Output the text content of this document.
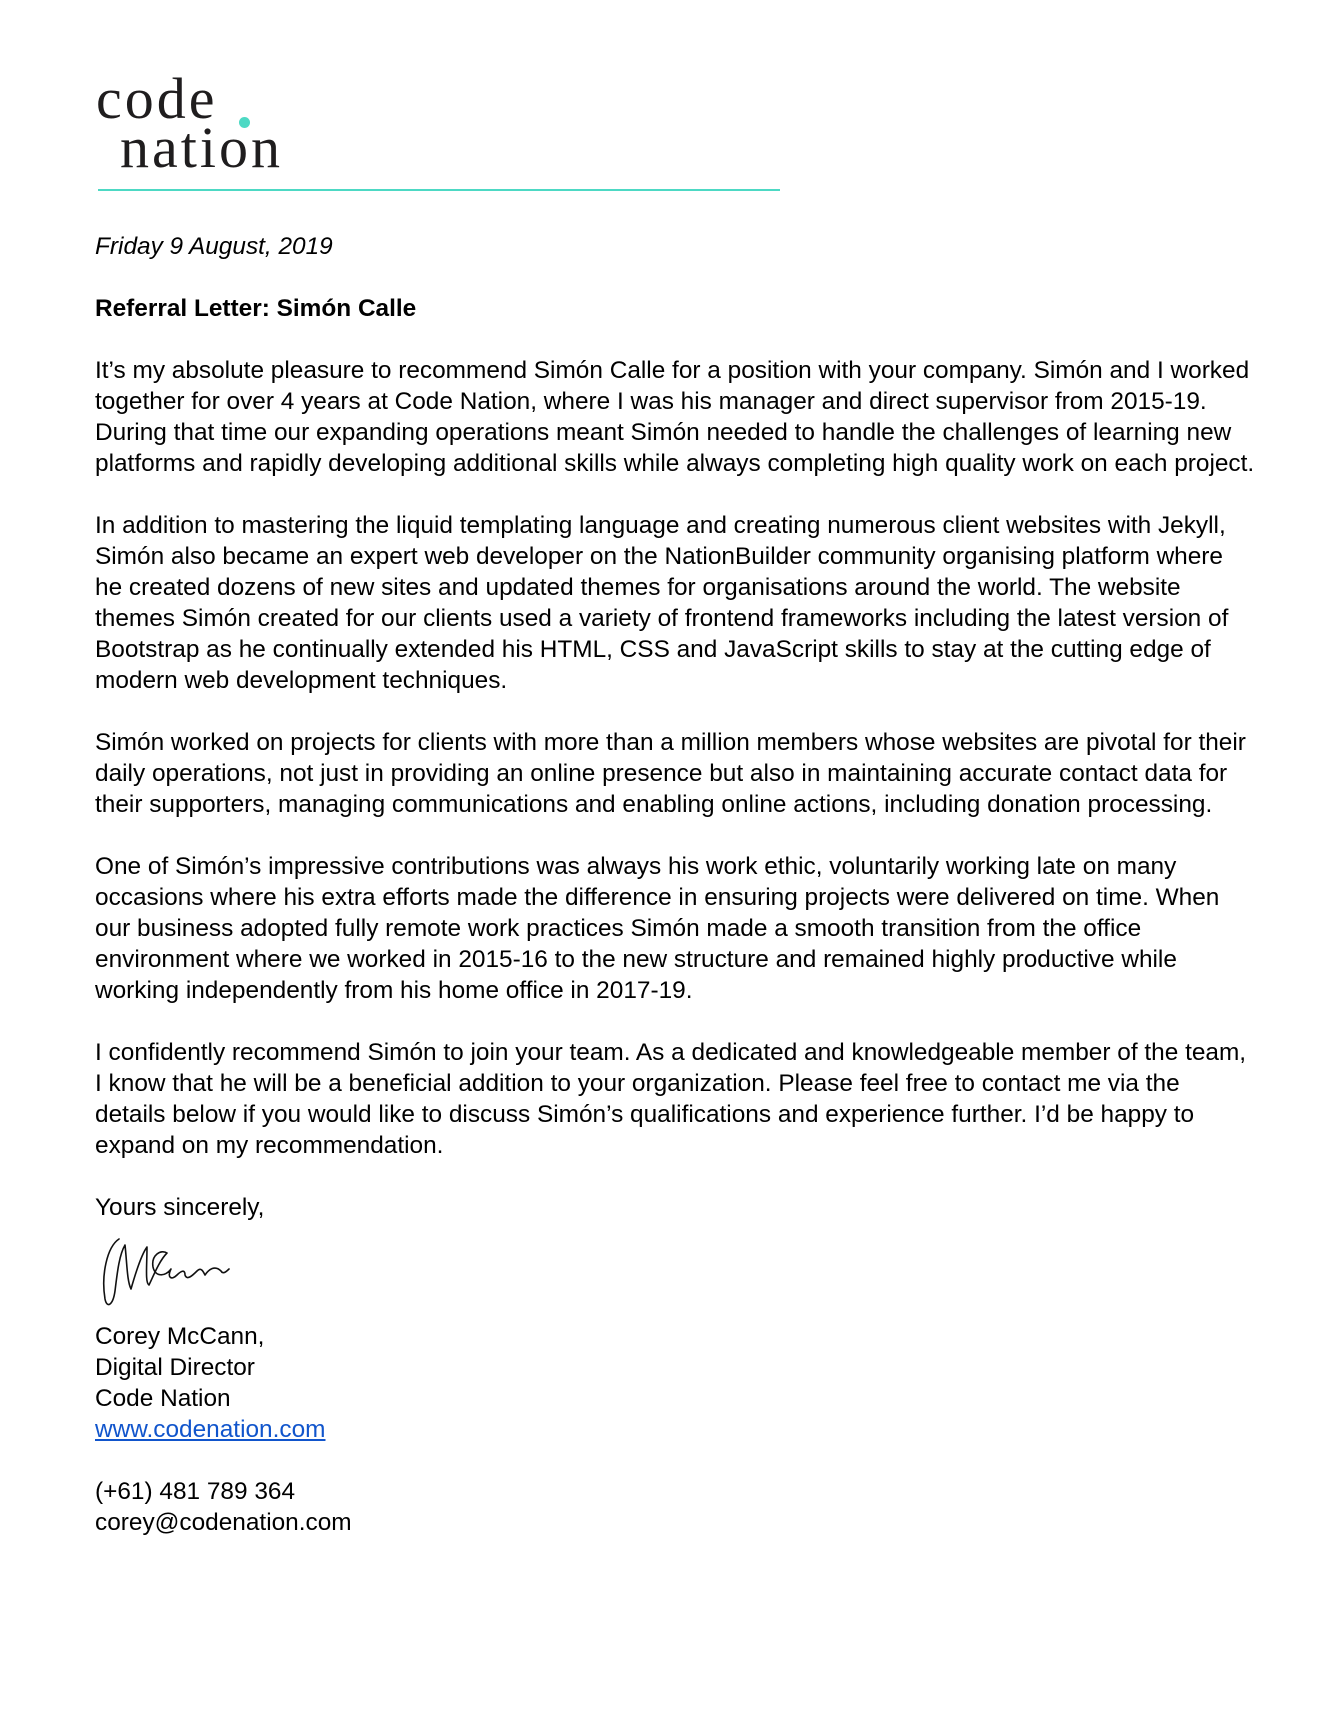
code
nation

Friday 9 August, 2019

Referral Letter: Simón Calle

It’s my absolute pleasure to recommend Simón Calle for a position with your company. Simón and I worked together for over 4 years at Code Nation, where I was his manager and direct supervisor from 2015-19. During that time our expanding operations meant Simón needed to handle the challenges of learning new platforms and rapidly developing additional skills while always completing high quality work on each project.

In addition to mastering the liquid templating language and creating numerous client websites with Jekyll, Simón also became an expert web developer on the NationBuilder community organising platform where he created dozens of new sites and updated themes for organisations around the world. The website themes Simón created for our clients used a variety of frontend frameworks including the latest version of Bootstrap as he continually extended his HTML, CSS and JavaScript skills to stay at the cutting edge of modern web development techniques.

Simón worked on projects for clients with more than a million members whose websites are pivotal for their daily operations, not just in providing an online presence but also in maintaining accurate contact data for their supporters, managing communications and enabling online actions, including donation processing.

One of Simón’s impressive contributions was always his work ethic, voluntarily working late on many occasions where his extra efforts made the difference in ensuring projects were delivered on time. When our business adopted fully remote work practices Simón made a smooth transition from the office environment where we worked in 2015-16 to the new structure and remained highly productive while working independently from his home office in 2017-19.

I confidently recommend Simón to join your team. As a dedicated and knowledgeable member of the team, I know that he will be a beneficial addition to your organization. Please feel free to contact me via the details below if you would like to discuss Simón’s qualifications and experience further. I’d be happy to expand on my recommendation.

Yours sincerely,

Corey McCann,

Digital Director

Code Nation

www.codenation.com

(+61) 481 789 364

corey@codenation.com
